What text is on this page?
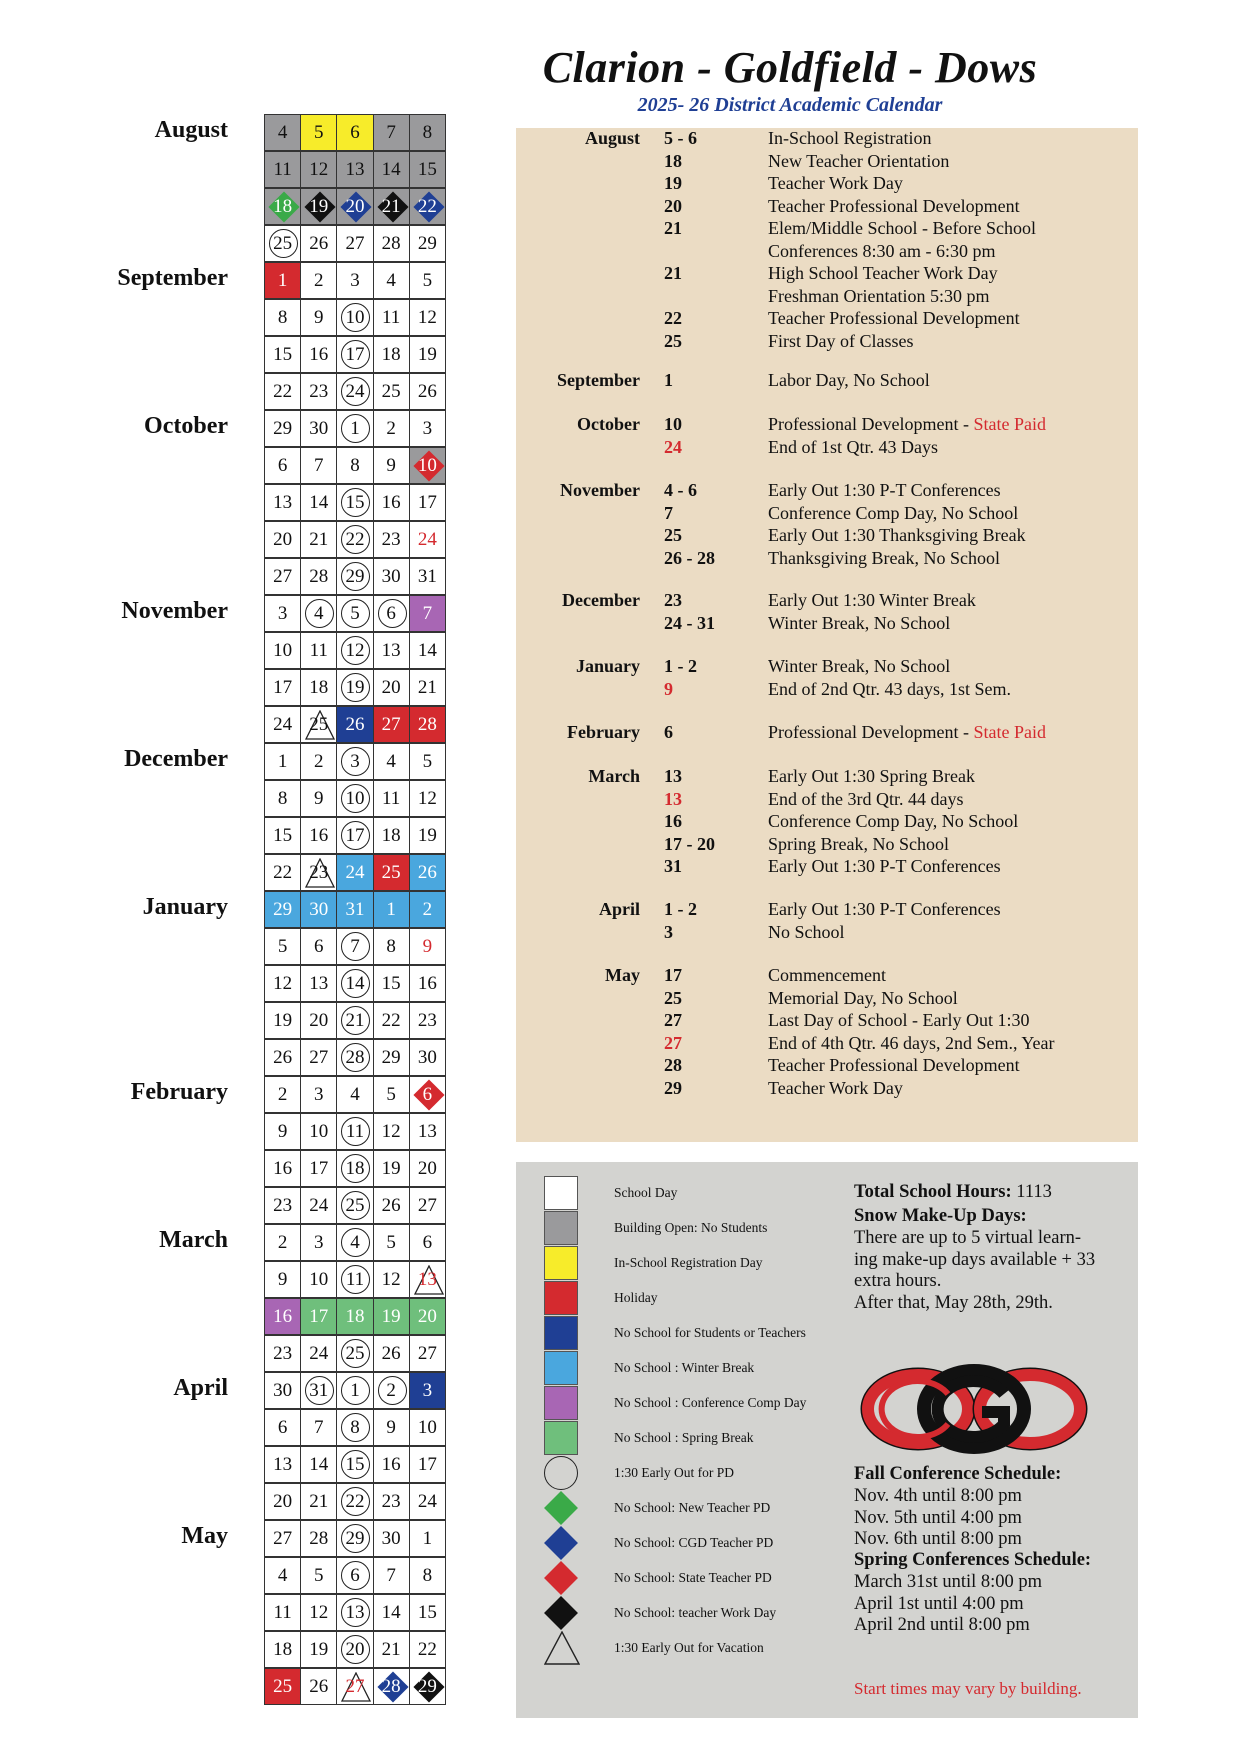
Clarion - Goldfield - Dows
2025- 26 District Academic Calendar
August
September
October
November
December
January
February
March
April
May
4 5 6 7 8
11 12 13 14 15
18 19 20 21 22
25 26 27 28 29
1 2 3 4 5
8 9 10 11 12
15 16 17 18 19
22 23 24 25 26
29 30 1 2 3
6 7 8 9 10
13 14 15 16 17
20 21 22 23 24
27 28 29 30 31
3 4 5 6 7
10 11 12 13 14
17 18 19 20 21
24 25 26 27 28
1 2 3 4 5
8 9 10 11 12
15 16 17 18 19
22 23 24 25 26
29 30 31 1 2
5 6 7 8 9
12 13 14 15 16
19 20 21 22 23
26 27 28 29 30
2 3 4 5 6
9 10 11 12 13
16 17 18 19 20
23 24 25 26 27
2 3 4 5 6
9 10 11 12 13
16 17 18 19 20
23 24 25 26 27
30 31 1 2 3
6 7 8 9 10
13 14 15 16 17
20 21 22 23 24
27 28 29 30 1
4 5 6 7 8
11 12 13 14 15
18 19 20 21 22
25 26 27 28 29
August 5 - 6	In-School Registration
18	New Teacher Orientation
19	Teacher Work Day
20	Teacher Professional Development
21	Elem/Middle School - Before School
Conferences 8:30 am - 6:30 pm
21	High School Teacher Work Day
Freshman Orientation 5:30 pm
22	Teacher Professional Development
25	First Day of Classes
September 1	Labor Day, No School
October 10	Professional Development - State Paid
24	End of 1st Qtr. 43 Days
November 4 - 6	Early Out 1:30 P-T Conferences
7	Conference Comp Day, No School
25	Early Out 1:30 Thanksgiving Break
26 - 28	Thanksgiving Break, No School
December 23	Early Out 1:30 Winter Break
24 - 31	Winter Break, No School
January 1 - 2	Winter Break, No School
9	End of 2nd Qtr. 43 days, 1st Sem.
February 6	Professional Development - State Paid
March 13	Early Out 1:30 Spring Break
13	End of the 3rd Qtr. 44 days
16	Conference Comp Day, No School
17 - 20	Spring Break, No School
31	Early Out 1:30 P-T Conferences
April 1 - 2	Early Out 1:30 P-T Conferences
3	No School
May 17	Commencement
25	Memorial Day, No School
27	Last Day of School - Early Out 1:30
27	End of 4th Qtr. 46 days, 2nd Sem., Year
28	Teacher Professional Development
29	Teacher Work Day
School Day
Building Open: No Students
In-School Registration Day
Holiday
No School for Students or Teachers
No School : Winter Break
No School : Conference Comp Day
No School : Spring Break
1:30 Early Out for PD
No School: New Teacher PD
No School: CGD Teacher PD
No School: State Teacher PD
No School: teacher Work Day
1:30 Early Out for Vacation
Total School Hours: 1113
Snow Make-Up Days:
There are up to 5 virtual learn-
ing make-up days available + 33
extra hours.
After that, May 28th, 29th.
Fall Conference Schedule:
Nov. 4th until 8:00 pm
Nov. 5th until 4:00 pm
Nov. 6th until 8:00 pm
Spring Conferences Schedule:
March 31st until 8:00 pm
April 1st until 4:00 pm
April 2nd until 8:00 pm
Start times may vary by building.
